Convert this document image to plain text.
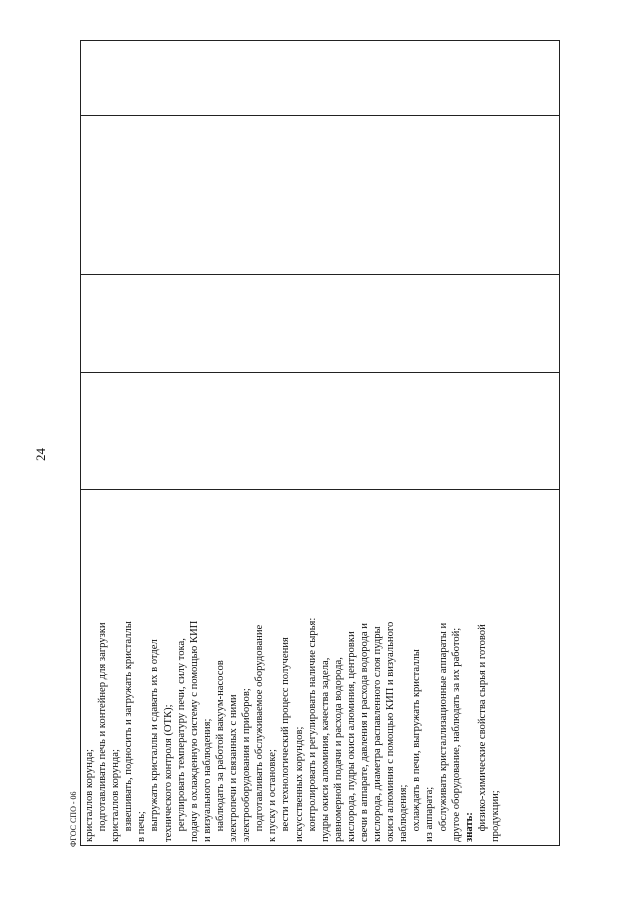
24
кристаллов корунда; подготавливать печь и контейнер для загрузки кристаллов корунда; взвешивать, подносить и загружать кристаллы в печь; выгружать кристаллы и сдавать их в отдел технического контроля (ОТК); регулировать температуру печи, силу тока, подачу в охлажденную систему с помощью КИП и визуального наблюдения; наблюдать за работой вакуум-насосов электропечи и связанных с ними электрооборудования и приборов; подготавливать обслуживаемое оборудование к пуску и остановке; вести технологический процесс получения искусственных корундов; контролировать и регулировать наличие сырья: пудры окиси алюминия, качества задела, равномерной подачи и расхода водорода, кислорода, пудры окиси алюминия, центровки свечи в аппарате, давления и расхода водорода и кислорода, диаметра распавленного слоя пудры окиси алюминия с помощью КИП и визуального наблюдения; охлаждать в печи, выгружать кристаллы из аппарата; обслуживать кристаллизационные аппараты и другое оборудование, наблюдать за их работой; знать: физико-химические свойства сырья и готовой продукции;
ФГОС СПО - 06
